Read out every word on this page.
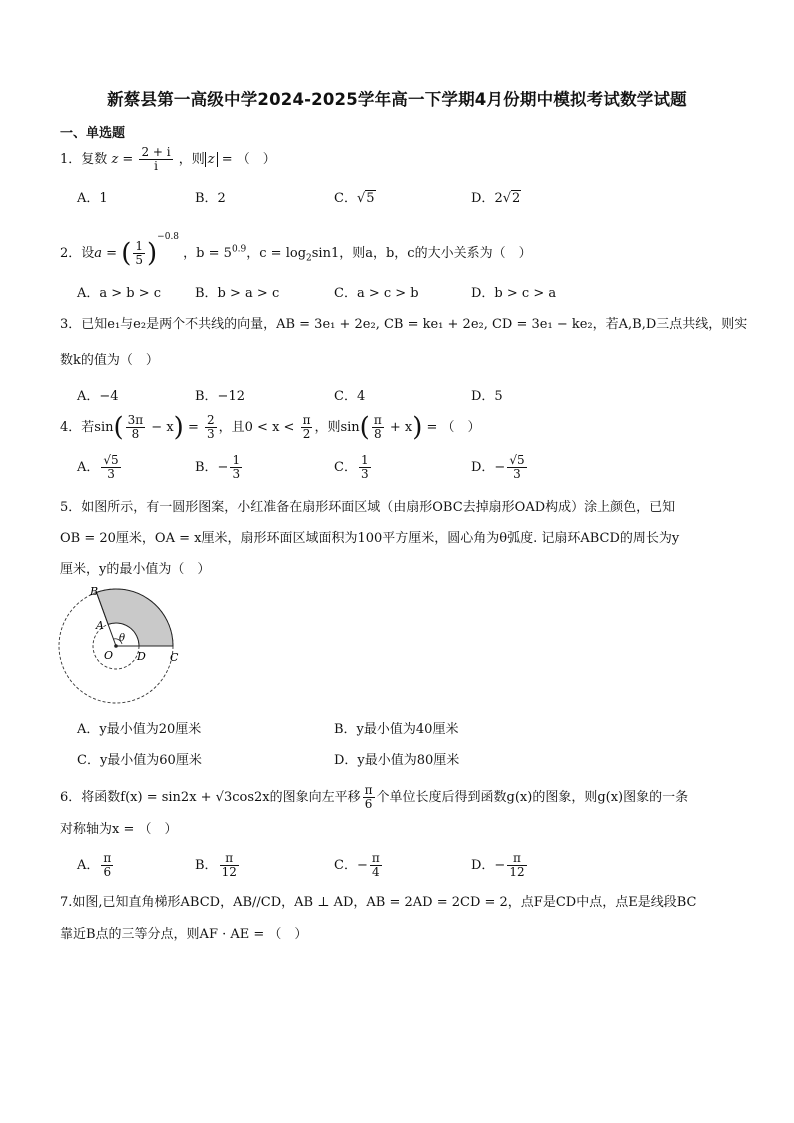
新蔡县第一高级中学2024-2025学年高一下学期4月份期中模拟考试数学试题
一、单选题
1．复数 $z = \frac{2 + i}{i}$ ，则 z = （　）
A．1	B．2	C．√5	D．2√2
2．设a = ( $\frac{1}{5} )^{-0.8}$ ，$b = 5^{0.9}$，$c = \log_2\sin 1$，则a，b，c的大小关系为（　）
A．a > b > c	B．b > a > c	C．a > c > b	D．b > c > a
3．已知e₁与e₂是两个不共线的向量，AB = 3e₁ + 2e₂, CB = ke₁ + 2e₂, CD = 3e₁ − ke₂，若A,B,D三点共线，则实
数k的值为（　）
A．−4	B．−12	C．4	D．5
4．若$\sin( \frac{3\pi}{8} - x) = \frac{2}{3}$ ，且$0 < x < \frac{\pi}{2}$ ，则$\sin( \frac{\pi}{8} + x)$ = （　）
A． $\frac{√5}{3}$	B．− $\frac{1}{3}$	C． $\frac{1}{3}$	D．− $\frac{√5}{3}$
5．如图所示，有一圆形图案，小红准备在扇形环面区域（由扇形OBC去掉扇形OAD构成）涂上颜色，已知
OB = 20厘米，OA = x厘米，扇形环面区域面积为100平方厘米，圆心角为θ弧度. 记扇环ABCD的周长为y
厘米，y的最小值为（　）
B
A
θ
O D C
A．y最小值为20厘米	B．y最小值为40厘米
C．y最小值为60厘米	D．y最小值为80厘米
6．将函数f(x) = sin2x + √3cos2x的图象向左平移 $\frac{\pi}{6}$ 个单位长度后得到函数g(x)的图象，则g(x)图象的一条
对称轴为x = （　）
A． $\frac{\pi}{6}$	B． $\frac{\pi}{12}$	C．− $\frac{\pi}{4}$	D．− $\frac{\pi}{12}$
7.如图,已知直角梯形ABCD，AB//CD，AB ⊥ AD，AB = 2AD = 2CD = 2，点F是CD中点，点E是线段BC
靠近B点的三等分点，则AF · AE = （　）
